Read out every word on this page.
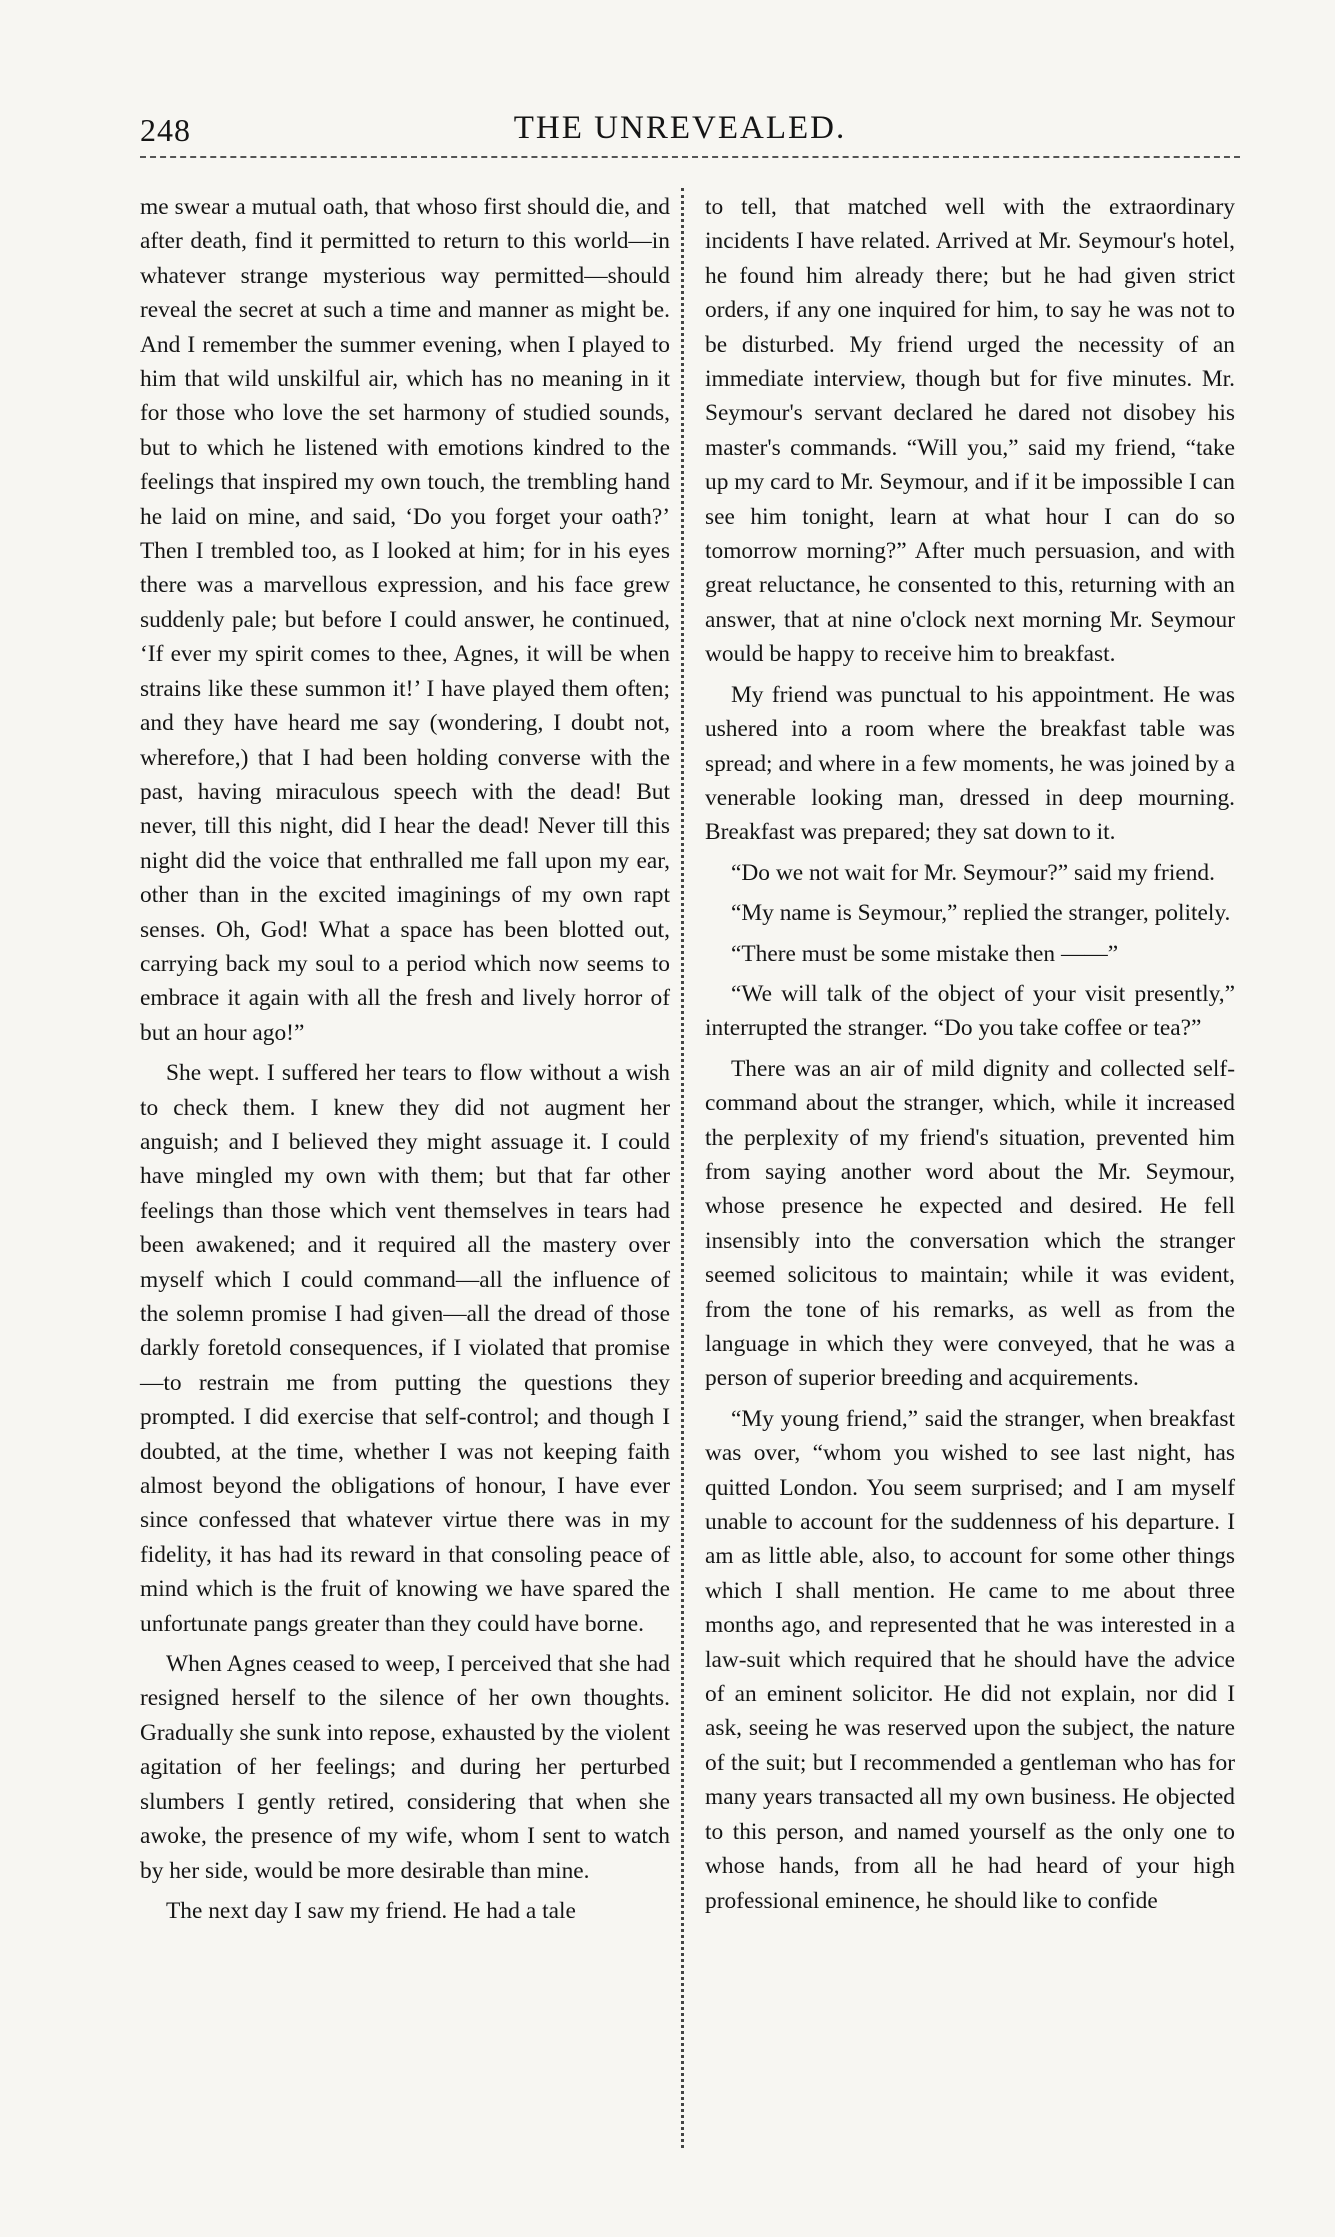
248	THE UNREVEALED.

me swear a mutual oath, that whoso first should die, and after death, find it permitted to return to this world—in whatever strange mysterious way permitted—should reveal the secret at such a time and manner as might be. And I remember the summer evening, when I played to him that wild unskilful air, which has no meaning in it for those who love the set harmony of studied sounds, but to which he listened with emotions kindred to the feelings that inspired my own touch, the trembling hand he laid on mine, and said, ‘Do you forget your oath?’ Then I trembled too, as I looked at him; for in his eyes there was a marvellous expression, and his face grew suddenly pale; but before I could answer, he continued, ‘If ever my spirit comes to thee, Agnes, it will be when strains like these summon it!’ I have played them often; and they have heard me say (wondering, I doubt not, wherefore,) that I had been holding converse with the past, having miraculous speech with the dead! But never, till this night, did I hear the dead! Never till this night did the voice that enthralled me fall upon my ear, other than in the excited imaginings of my own rapt senses. Oh, God! What a space has been blotted out, carrying back my soul to a period which now seems to embrace it again with all the fresh and lively horror of but an hour ago!”

She wept. I suffered her tears to flow without a wish to check them. I knew they did not augment her anguish; and I believed they might assuage it. I could have mingled my own with them; but that far other feelings than those which vent themselves in tears had been awakened; and it required all the mastery over myself which I could command—all the influence of the solemn promise I had given—all the dread of those darkly foretold consequences, if I violated that promise—to restrain me from putting the questions they prompted. I did exercise that self-control; and though I doubted, at the time, whether I was not keeping faith almost beyond the obligations of honour, I have ever since confessed that whatever virtue there was in my fidelity, it has had its reward in that consoling peace of mind which is the fruit of knowing we have spared the unfortunate pangs greater than they could have borne.

When Agnes ceased to weep, I perceived that she had resigned herself to the silence of her own thoughts. Gradually she sunk into repose, exhausted by the violent agitation of her feelings; and during her perturbed slumbers I gently retired, considering that when she awoke, the presence of my wife, whom I sent to watch by her side, would be more desirable than mine.

The next day I saw my friend. He had a tale

to tell, that matched well with the extraordinary incidents I have related. Arrived at Mr. Seymour's hotel, he found him already there; but he had given strict orders, if any one inquired for him, to say he was not to be disturbed. My friend urged the necessity of an immediate interview, though but for five minutes. Mr. Seymour's servant declared he dared not disobey his master's commands. “Will you,” said my friend, “take up my card to Mr. Seymour, and if it be impossible I can see him tonight, learn at what hour I can do so tomorrow morning?” After much persuasion, and with great reluctance, he consented to this, returning with an answer, that at nine o'clock next morning Mr. Seymour would be happy to receive him to breakfast.

My friend was punctual to his appointment. He was ushered into a room where the breakfast table was spread; and where in a few moments, he was joined by a venerable looking man, dressed in deep mourning. Breakfast was prepared; they sat down to it.

“Do we not wait for Mr. Seymour?” said my friend.

“My name is Seymour,” replied the stranger, politely.

“There must be some mistake then ——”

“We will talk of the object of your visit presently,” interrupted the stranger. “Do you take coffee or tea?”

There was an air of mild dignity and collected self-command about the stranger, which, while it increased the perplexity of my friend's situation, prevented him from saying another word about the Mr. Seymour, whose presence he expected and desired. He fell insensibly into the conversation which the stranger seemed solicitous to maintain; while it was evident, from the tone of his remarks, as well as from the language in which they were conveyed, that he was a person of superior breeding and acquirements.

“My young friend,” said the stranger, when breakfast was over, “whom you wished to see last night, has quitted London. You seem surprised; and I am myself unable to account for the suddenness of his departure. I am as little able, also, to account for some other things which I shall mention. He came to me about three months ago, and represented that he was interested in a law-suit which required that he should have the advice of an eminent solicitor. He did not explain, nor did I ask, seeing he was reserved upon the subject, the nature of the suit; but I recommended a gentleman who has for many years transacted all my own business. He objected to this person, and named yourself as the only one to whose hands, from all he had heard of your high professional eminence, he should like to confide
